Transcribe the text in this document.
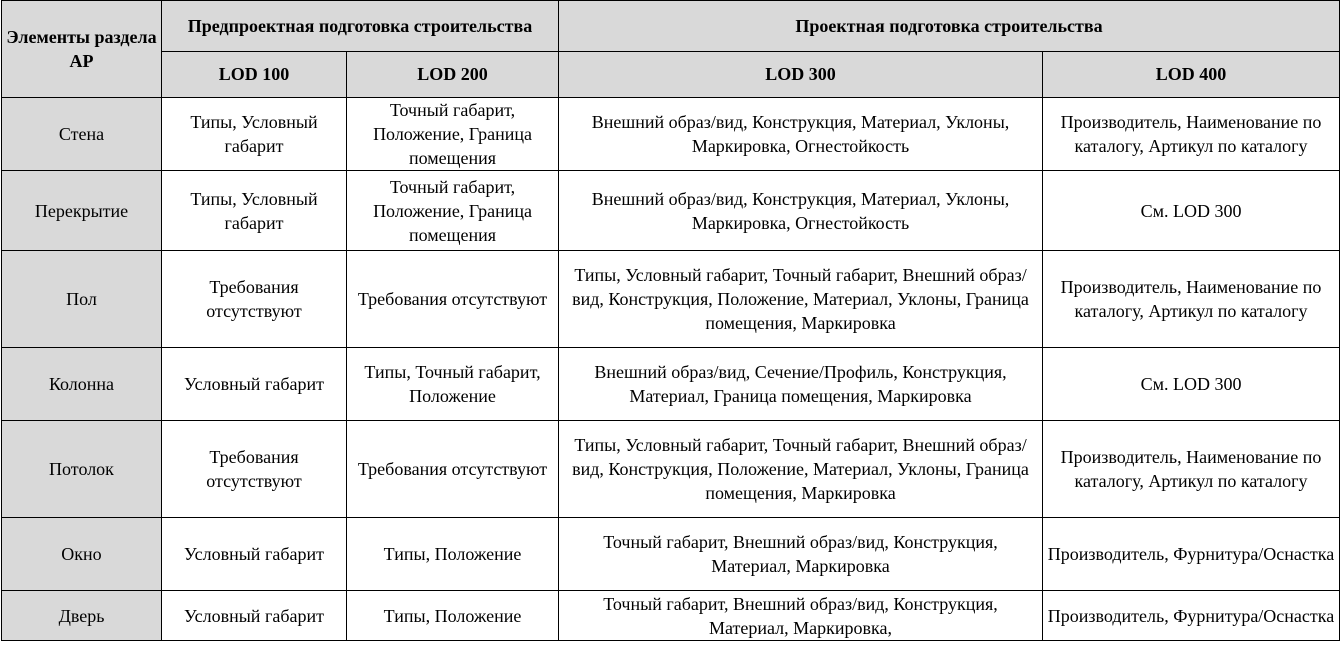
Элементы раздела АР	Предпроектная подготовка строительства		Проектная подготовка строительства	
	LOD 100	LOD 200	LOD 300	LOD 400
Стена	Типы, Условный габарит	Точный габарит, Положение, Граница помещения	Внешний образ/вид, Конструкция, Материал, Уклоны, Маркировка, Огнестойкость	Производитель, Наименование по каталогу, Артикул по каталогу
Перекрытие	Типы, Условный габарит	Точный габарит, Положение, Граница помещения	Внешний образ/вид, Конструкция, Материал, Уклоны, Маркировка, Огнестойкость	См. LOD 300
Пол	Требования отсутствуют	Требования отсутствуют	Типы, Условный габарит, Точный габарит, Внешний образ/вид, Конструкция, Положение, Материал, Уклоны, Граница помещения, Маркировка	Производитель, Наименование по каталогу, Артикул по каталогу
Колонна	Условный габарит	Типы, Точный габарит, Положение	Внешний образ/вид, Сечение/Профиль, Конструкция, Материал, Граница помещения, Маркировка	См. LOD 300
Потолок	Требования отсутствуют	Требования отсутствуют	Типы, Условный габарит, Точный габарит, Внешний образ/вид, Конструкция, Положение, Материал, Уклоны, Граница помещения, Маркировка	Производитель, Наименование по каталогу, Артикул по каталогу
Окно	Условный габарит	Типы, Положение	Точный габарит, Внешний образ/вид, Конструкция, Материал, Маркировка	Производитель, Фурнитура/Оснастка
Дверь	Условный габарит	Типы, Положение	Точный габарит, Внешний образ/вид, Конструкция, Материал, Маркировка,	Производитель, Фурнитура/Оснастка
